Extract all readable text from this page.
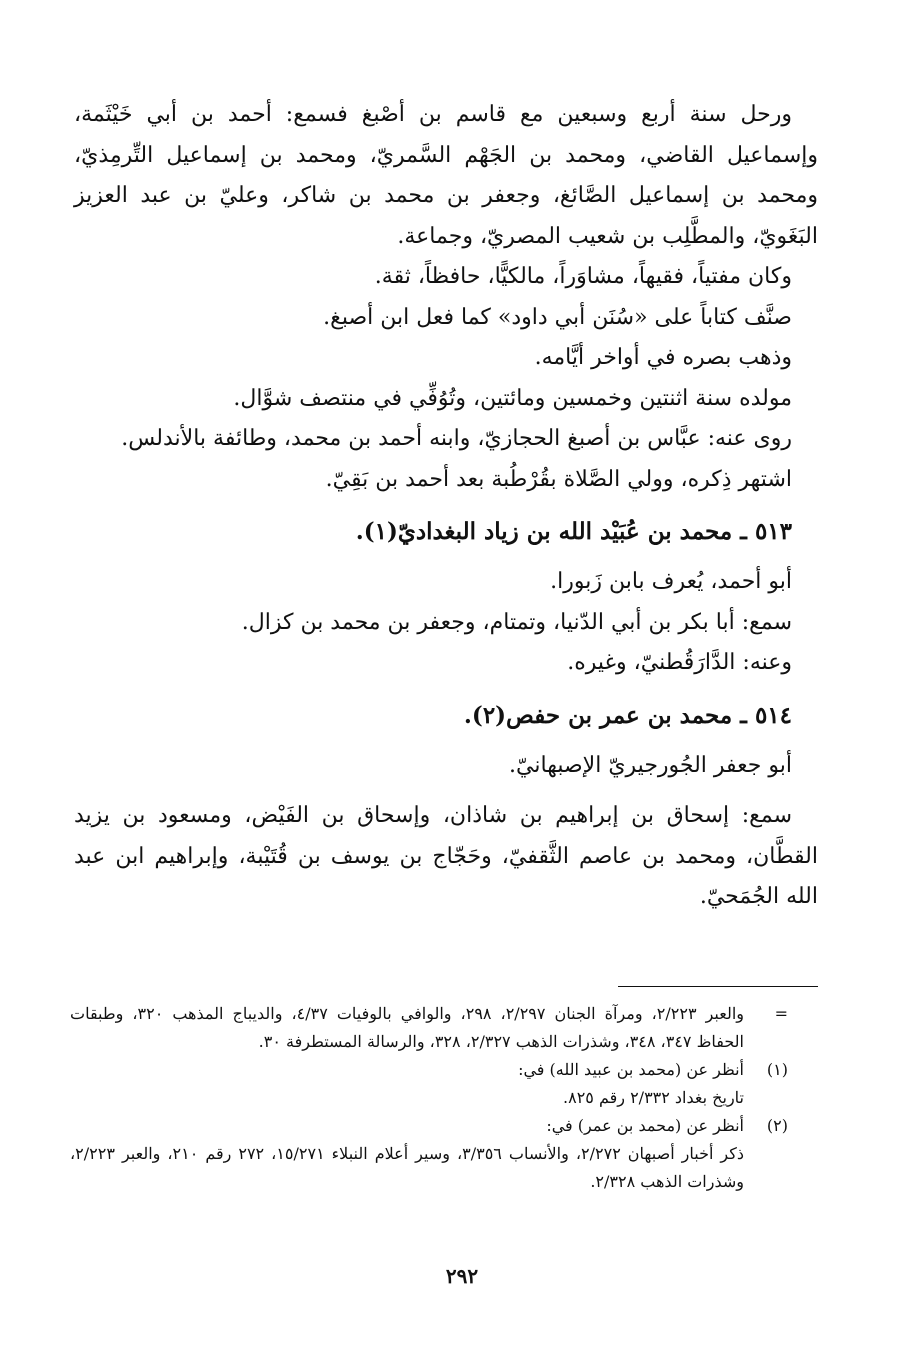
ورحل سنة أربع وسبعين مع قاسم بن أصْبغ فسمع: أحمد بن أبي خَيْثَمة، وإسماعيل القاضي، ومحمد بن الجَهْم السَّمريّ، ومحمد بن إسماعيل التِّرمِذيّ، ومحمد بن إسماعيل الصَّائغ، وجعفر بن محمد بن شاكر، وعليّ بن عبد العزيز البَغَويّ، والمطَّلِب بن شعيب المصريّ، وجماعة.

وكان مفتياً، فقيهاً، مشاوَراً، مالكيًّا، حافظاً، ثقة.

صنَّف كتاباً على «سُنَن أبي داود» كما فعل ابن أصبغ.

وذهب بصره في أواخر أيَّامه.

مولده سنة اثنتين وخمسين ومائتين، وتُوُفِّي في منتصف شوَّال.

روى عنه: عبَّاس بن أصبغ الحجازيّ، وابنه أحمد بن محمد، وطائفة بالأندلس.

اشتهر ذِكره، وولي الصَّلاة بقُرْطُبة بعد أحمد بن بَقِيّ.

٥١٣ ـ محمد بن عُبَيْد الله بن زياد البغداديّ(١).

أبو أحمد، يُعرف بابن زَبورا.

سمع: أبا بكر بن أبي الدّنيا، وتمتام، وجعفر بن محمد بن كزال.

وعنه: الدَّارَقُطنيّ، وغيره.

٥١٤ ـ محمد بن عمر بن حفص(٢).

أبو جعفر الجُورجيريّ الإصبهانيّ.

سمع: إسحاق بن إبراهيم بن شاذان، وإسحاق بن الفَيْض، ومسعود بن يزيد القطَّان، ومحمد بن عاصم الثَّقفيّ، وحَجّاج بن يوسف بن قُتَيْبة، وإبراهيم ابن عبد الله الجُمَحيّ.

=
والعبر ٢/٢٢٣، ومرآة الجنان ٢/٢٩٧، ٢٩٨، والوافي بالوفيات ٤/٣٧، والديباج المذهب ٣٢٠، وطبقات الحفاظ ٣٤٧، ٣٤٨، وشذرات الذهب ٢/٣٢٧، ٣٢٨، والرسالة المستطرفة ٣٠.
(١)
أنظر عن (محمد بن عبيد الله) في:
تاريخ بغداد ٢/٣٣٢ رقم ٨٢٥.
(٢)
أنظر عن (محمد بن عمر) في:
ذكر أخبار أصبهان ٢/٢٧٢، والأنساب ٣/٣٥٦، وسير أعلام النبلاء ١٥/٢٧١، ٢٧٢ رقم ٢١٠، والعبر ٢/٢٢٣، وشذرات الذهب ٢/٣٢٨.
٢٩٢
